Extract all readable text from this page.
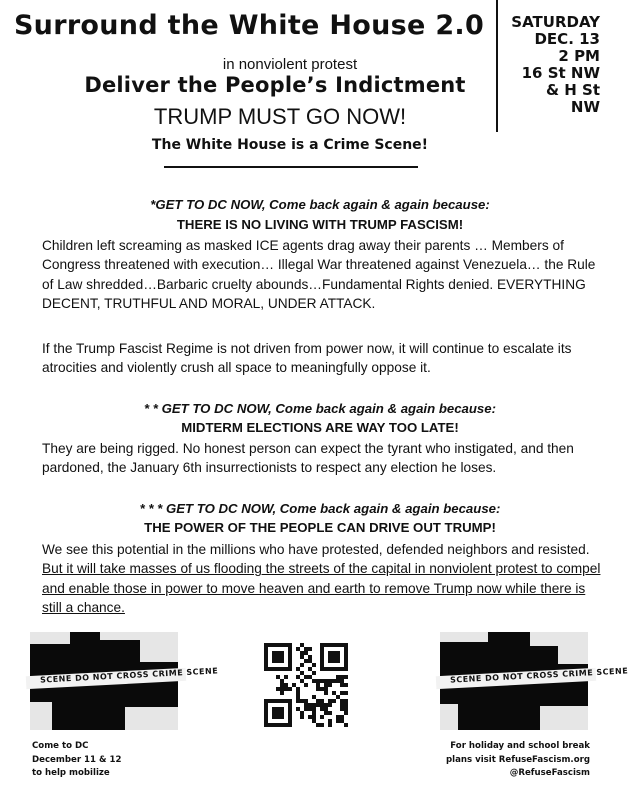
Surround the White House 2.0
in nonviolent protest
Deliver the People’s Indictment
TRUMP MUST GO NOW!
The White House is a Crime Scene!
SATURDAY
DEC. 13
2 PM
16 St NW
& H St
NW
*GET TO DC NOW, Come back again & again because:
THERE IS NO LIVING WITH TRUMP FASCISM!
Children left screaming as masked ICE agents drag away their parents … Members of Congress threatened with execution… Illegal War threatened against Venezuela… the Rule of Law shredded…Barbaric cruelty abounds…Fundamental Rights denied. EVERYTHING DECENT, TRUTHFUL AND MORAL, UNDER ATTACK.
If the Trump Fascist Regime is not driven from power now, it will continue to escalate its atrocities and violently crush all space to meaningfully oppose it.
* * GET TO DC NOW, Come back again & again because:
MIDTERM ELECTIONS ARE WAY TOO LATE!
They are being rigged. No honest person can expect the tyrant who instigated, and then pardoned, the January 6th insurrectionists to respect any election he loses.
* * * GET TO DC NOW, Come back again & again because:
THE POWER OF THE PEOPLE CAN DRIVE OUT TRUMP!
We see this potential in the millions who have protested, defended neighbors and resisted. But it will take masses of us flooding the streets of the capital in nonviolent protest to compel and enable those in power to move heaven and earth to remove Trump now while there is still a chance.
SCENE DO NOT CROSS CRIME SCENE	SCENE DO NOT CROSS CRIME SCENE
Come to DC
December 11 & 12
to help mobilize
For holiday and school break
plans visit RefuseFascism.org
@RefuseFascism
